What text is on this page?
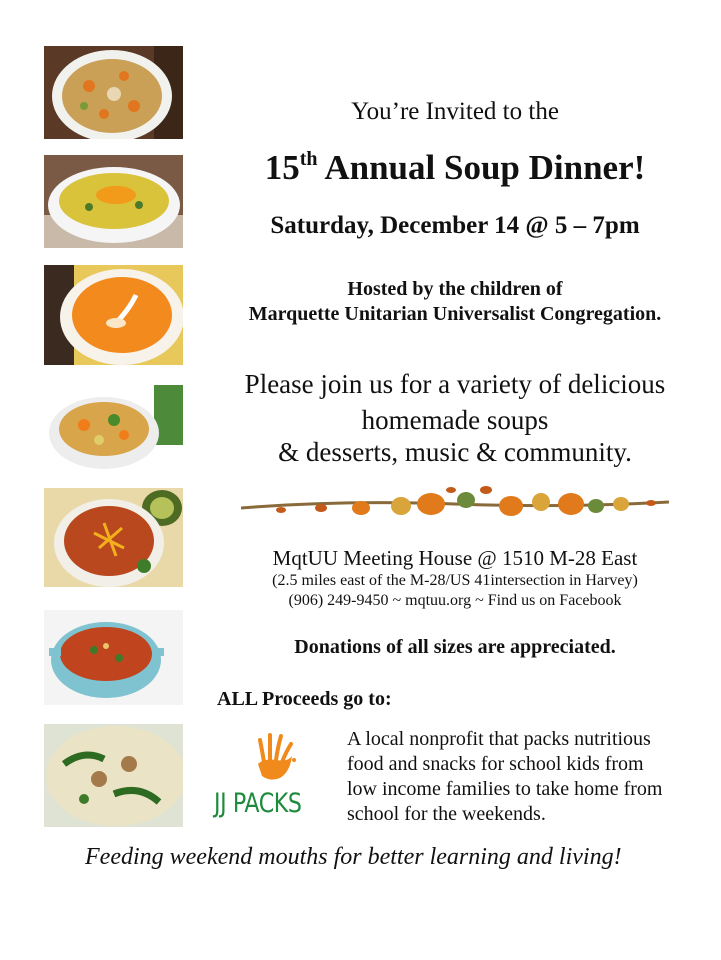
You’re Invited to the
15th Annual Soup Dinner!
Saturday, December 14 @ 5 – 7pm
Hosted by the children of
Marquette Unitarian Universalist Congregation.
Please join us for a variety of delicious
homemade soups
& desserts, music & community.
MqtUU Meeting House @ 1510 M-28 East
(2.5 miles east of the M-28/US 41intersection in Harvey)
(906) 249-9450 ~ mqtuu.org ~ Find us on Facebook
Donations of all sizes are appreciated.
ALL Proceeds go to:
JJ PACKS
A local nonprofit that packs nutritious
food and snacks for school kids from
low income families to take home from
school for the weekends.
Feeding weekend mouths for better learning and living!
